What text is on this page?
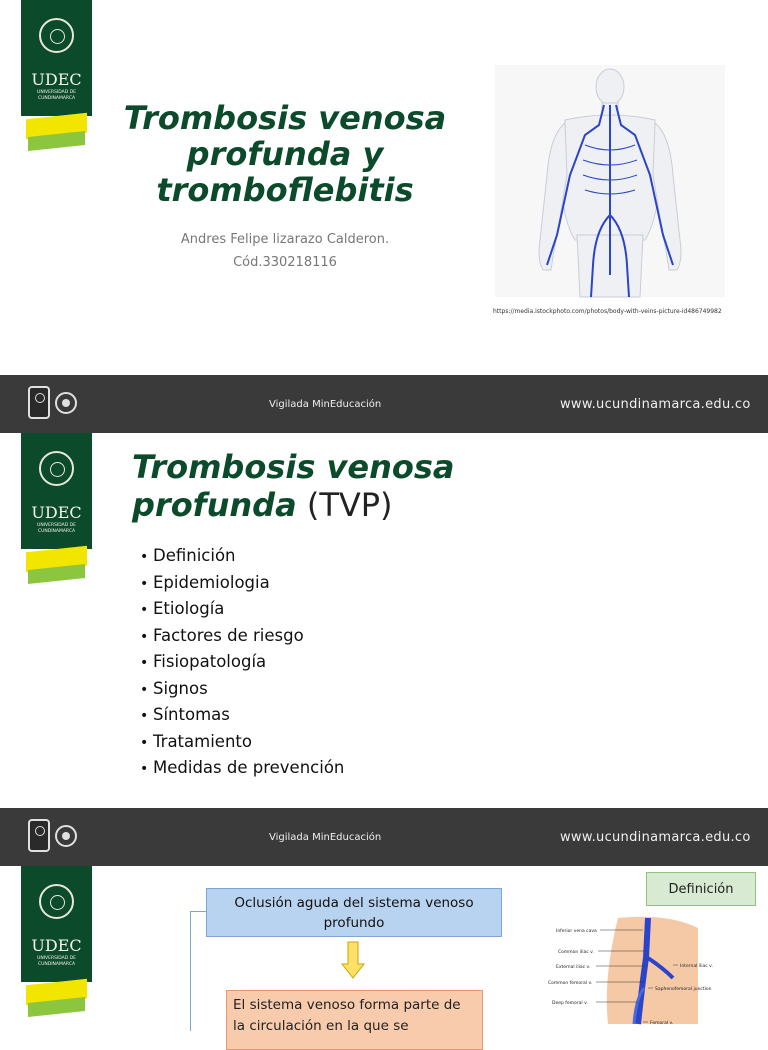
UDEC
UNIVERSIDAD DE
CUNDINAMARCA
Trombosis venosa
profunda y
tromboflebitis
Andres Felipe lizarazo Calderon.
Cód.330218116
https://media.istockphoto.com/photos/body-with-veins-picture-id486749982
Vigilada MinEducación	www.ucundinamarca.edu.co
UDEC
UNIVERSIDAD DE
CUNDINAMARCA
Trombosis venosa
profunda (TVP)
• Definición
• Epidemiologia
• Etiología
• Factores de riesgo
• Fisiopatología
• Signos
• Síntomas
• Tratamiento
• Medidas de prevención
Vigilada MinEducación	www.ucundinamarca.edu.co
UDEC
UNIVERSIDAD DE
CUNDINAMARCA
Oclusión aguda del sistema venoso profundo
El sistema venoso forma parte de la circulación en la que se
Definición
Inferior vena cava
Common iliac v.
External iliac v.
Common femoral v.
Deep femoral v.
Internal iliac v.
Saphenofemoral junction
Femoral v.
